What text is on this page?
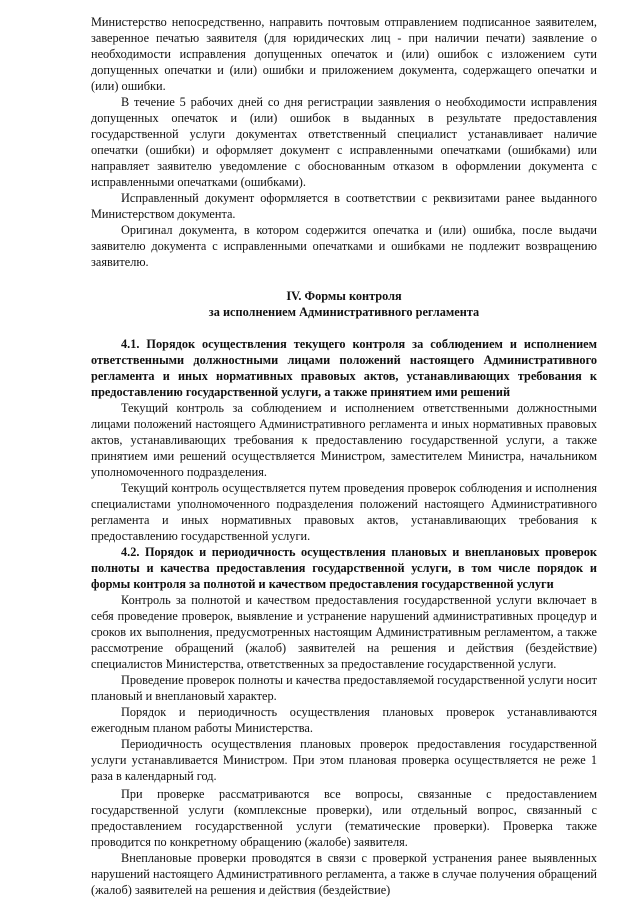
Министерство непосредственно, направить почтовым отправлением подписанное заявителем, заверенное печатью заявителя (для юридических лиц - при наличии печати) заявление о необходимости исправления допущенных опечаток и (или) ошибок с изложением сути допущенных опечатки и (или) ошибки и приложением документа, содержащего опечатки и (или) ошибки.

В течение 5 рабочих дней со дня регистрации заявления о необходимости исправления допущенных опечаток и (или) ошибок в выданных в результате предоставления государственной услуги документах ответственный специалист устанавливает наличие опечатки (ошибки) и оформляет документ с исправленными опечатками (ошибками) или направляет заявителю уведомление с обоснованным отказом в оформлении документа с исправленными опечатками (ошибками).

Исправленный документ оформляется в соответствии с реквизитами ранее выданного Министерством документа.

Оригинал документа, в котором содержится опечатка и (или) ошибка, после выдачи заявителю документа с исправленными опечатками и ошибками не подлежит возвращению заявителю.

IV. Формы контроля
за исполнением Административного регламента

4.1. Порядок осуществления текущего контроля за соблюдением и исполнением ответственными должностными лицами положений настоящего Административного регламента и иных нормативных правовых актов, устанавливающих требования к предоставлению государственной услуги, а также принятием ими решений

Текущий контроль за соблюдением и исполнением ответственными должностными лицами положений настоящего Административного регламента и иных нормативных правовых актов, устанавливающих требования к предоставлению государственной услуги, а также принятием ими решений осуществляется Министром, заместителем Министра, начальником уполномоченного подразделения.

Текущий контроль осуществляется путем проведения проверок соблюдения и исполнения специалистами уполномоченного подразделения положений настоящего Административного регламента и иных нормативных правовых актов, устанавливающих требования к предоставлению государственной услуги.

4.2. Порядок и периодичность осуществления плановых и внеплановых проверок полноты и качества предоставления государственной услуги, в том числе порядок и формы контроля за полнотой и качеством предоставления государственной услуги

Контроль за полнотой и качеством предоставления государственной услуги включает в себя проведение проверок, выявление и устранение нарушений административных процедур и сроков их выполнения, предусмотренных настоящим Административным регламентом, а также рассмотрение обращений (жалоб) заявителей на решения и действия (бездействие) специалистов Министерства, ответственных за предоставление государственной услуги.

Проведение проверок полноты и качества предоставляемой государственной услуги носит плановый и внеплановый характер.

Порядок и периодичность осуществления плановых проверок устанавливаются ежегодным планом работы Министерства.

Периодичность осуществления плановых проверок предоставления государственной услуги устанавливается Министром. При этом плановая проверка осуществляется не реже 1 раза в календарный год.

При проверке рассматриваются все вопросы, связанные с предоставлением государственной услуги (комплексные проверки), или отдельный вопрос, связанный с предоставлением государственной услуги (тематические проверки). Проверка также проводится по конкретному обращению (жалобе) заявителя.

Внеплановые проверки проводятся в связи с проверкой устранения ранее выявленных нарушений настоящего Административного регламента, а также в случае получения обращений (жалоб) заявителей на решения и действия (бездействие)
